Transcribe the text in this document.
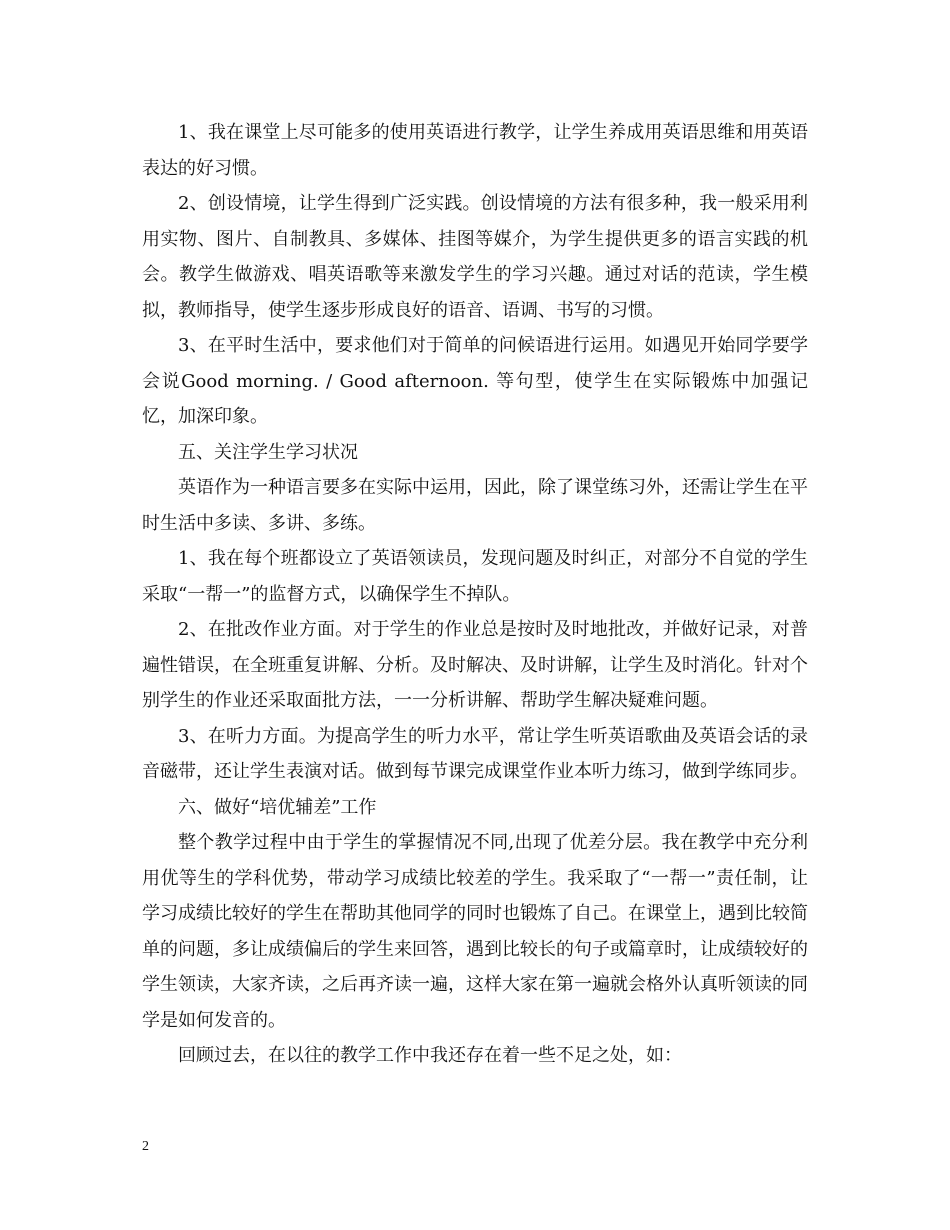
1、我在课堂上尽可能多的使用英语进行教学，让学生养成用英语思维和用英语表达的好习惯。

2、创设情境，让学生得到广泛实践。创设情境的方法有很多种，我一般采用利用实物、图片、自制教具、多媒体、挂图等媒介，为学生提供更多的语言实践的机会。教学生做游戏、唱英语歌等来激发学生的学习兴趣。通过对话的范读，学生模拟，教师指导，使学生逐步形成良好的语音、语调、书写的习惯。

3、在平时生活中，要求他们对于简单的问候语进行运用。如遇见开始同学要学会说Good morning. / Good afternoon. 等句型，使学生在实际锻炼中加强记忆，加深印象。

五、关注学生学习状况

英语作为一种语言要多在实际中运用，因此，除了课堂练习外，还需让学生在平时生活中多读、多讲、多练。

1、我在每个班都设立了英语领读员，发现问题及时纠正，对部分不自觉的学生采取“一帮一”的监督方式，以确保学生不掉队。

2、在批改作业方面。对于学生的作业总是按时及时地批改，并做好记录，对普遍性错误，在全班重复讲解、分析。及时解决、及时讲解，让学生及时消化。针对个别学生的作业还采取面批方法，一一分析讲解、帮助学生解决疑难问题。

3、在听力方面。为提高学生的听力水平，常让学生听英语歌曲及英语会话的录音磁带，还让学生表演对话。做到每节课完成课堂作业本听力练习，做到学练同步。

六、做好“培优辅差”工作

整个教学过程中由于学生的掌握情况不同,出现了优差分层。我在教学中充分利用优等生的学科优势，带动学习成绩比较差的学生。我采取了“一帮一”责任制，让学习成绩比较好的学生在帮助其他同学的同时也锻炼了自己。在课堂上，遇到比较简单的问题，多让成绩偏后的学生来回答，遇到比较长的句子或篇章时，让成绩较好的学生领读，大家齐读，之后再齐读一遍，这样大家在第一遍就会格外认真听领读的同学是如何发音的。

回顾过去，在以往的教学工作中我还存在着一些不足之处，如：

2
